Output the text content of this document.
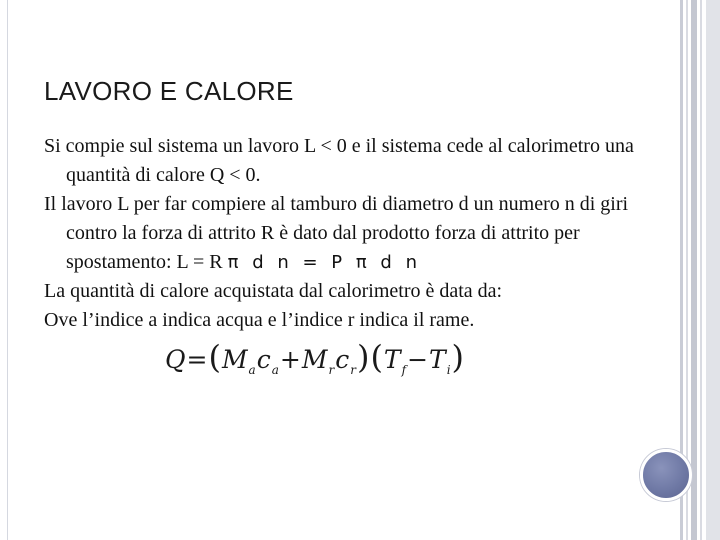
LAVORO E CALORE

Si compie sul sistema un lavoro L < 0 e il sistema cede al calorimetro una quantità di calore Q < 0.

Il lavoro L per far compiere al tamburo di diametro d un numero n di giri contro la forza di attrito R è dato dal prodotto forza di attrito per spostamento: L = R π d n = P π d n

La quantità di calore acquistata dal calorimetro è data da:

Ove l’indice a indica acqua e l’indice r indica il rame.

$Q=(M_ac_a+M_rc_r)(T_f-T_i)$
